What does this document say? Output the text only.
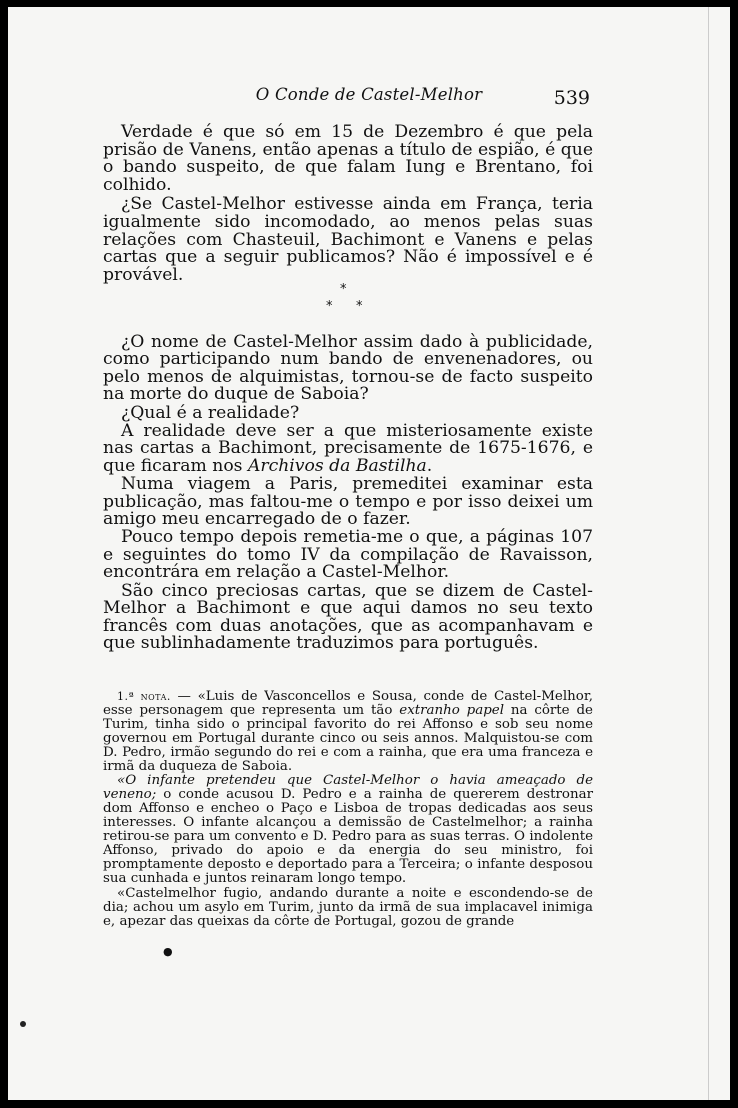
O Conde de Castel-Melhor	539

Verdade é que só em 15 de Dezembro é que pela prisão de Vanens, então apenas a título de espião, é que o bando suspeito, de que falam Iung e Brentano, foi colhido.

¿Se Castel-Melhor estivesse ainda em França, teria igualmente sido incomodado, ao menos pelas suas relações com Chasteuil, Bachimont e Vanens e pelas cartas que a seguir publicamos? Não é impossível e é provável.

*
* *

¿O nome de Castel-Melhor assim dado à publicidade, como participando num bando de envenenadores, ou pelo menos de alquimistas, tornou-se de facto suspeito na morte do duque de Saboia?

¿Qual é a realidade?

A realidade deve ser a que misteriosamente existe nas cartas a Bachimont, precisamente de 1675-1676, e que ficaram nos Archivos da Bastilha.

Numa viagem a Paris, premeditei examinar esta publicação, mas faltou-me o tempo e por isso deixei um amigo meu encarregado de o fazer.

Pouco tempo depois remetia-me o que, a páginas 107 e seguintes do tomo IV da compilação de Ravaisson, encontrára em relação a Castel-Melhor.

São cinco preciosas cartas, que se dizem de Castel-Melhor a Bachimont e que aqui damos no seu texto francês com duas anotações, que as acompanhavam e que sublinhadamente traduzimos para português.

1.ª nota. — «Luis de Vasconcellos e Sousa, conde de Castel-Melhor, esse personagem que representa um tão extranho papel na côrte de Turim, tinha sido o principal favorito do rei Affonso e sob seu nome governou em Portugal durante cinco ou seis annos. Malquistou-se com D. Pedro, irmão segundo do rei e com a rainha, que era uma franceza e irmã da duqueza de Saboia.

«O infante pretendeu que Castel-Melhor o havia ameaçado de veneno; o conde acusou D. Pedro e a rainha de quererem destronar dom Affonso e encheo o Paço e Lisboa de tropas dedicadas aos seus interesses. O infante alcançou a demissão de Castelmelhor; a rainha retirou-se para um convento e D. Pedro para as suas terras. O indolente Affonso, privado do apoio e da energia do seu ministro, foi promptamente deposto e deportado para a Terceira; o infante desposou sua cunhada e juntos reinaram longo tempo.

«Castelmelhor fugio, andando durante a noite e escondendo-se de dia; achou um asylo em Turim, junto da irmã de sua implacavel inimiga e, apezar das queixas da côrte de Portugal, gozou de grande

●
